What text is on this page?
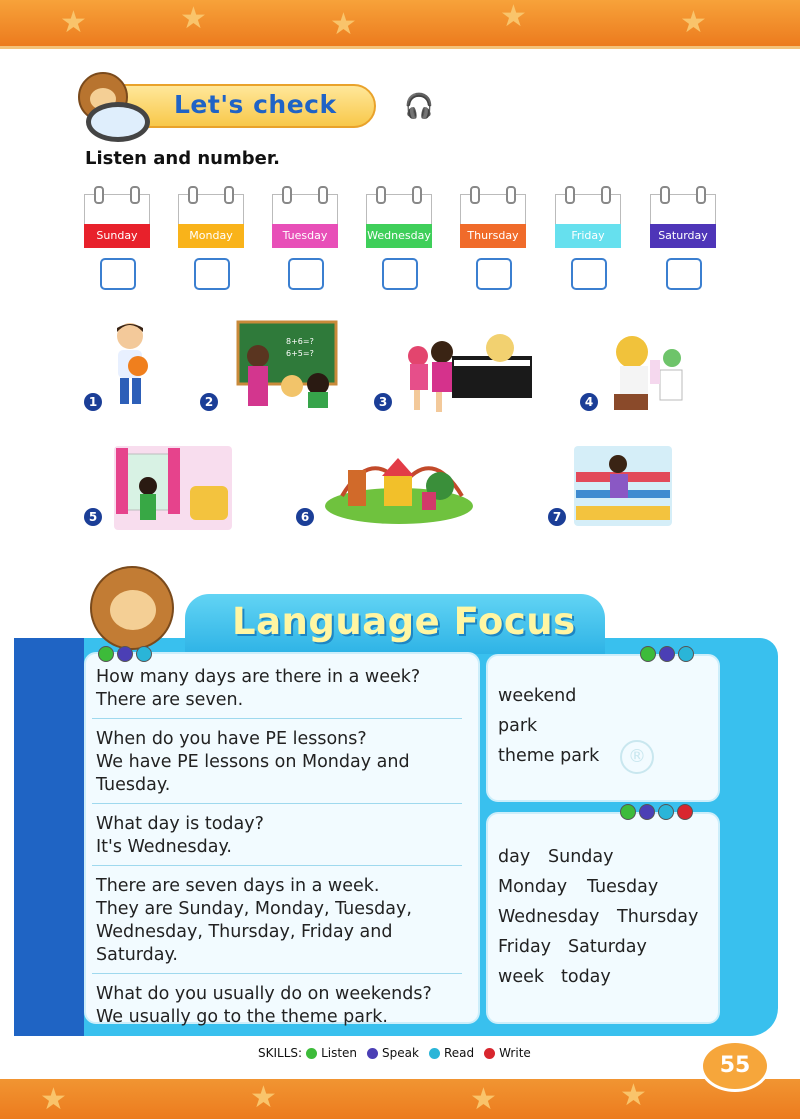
★	★	★	★	★
★	★	★	★
Let's check	🎧
Listen and number.
Sunday	Monday	Tuesday	Wednesday	Thursday	Friday	Saturday
1	2
8+6=?
6+5=?
3	4
5	6	7
Language Focus
How many days are there in a week?
There are seven.
When do you have PE lessons?
We have PE lessons on Monday and
Tuesday.
What day is today?
It's Wednesday.
There are seven days in a week.
They are Sunday, Monday, Tuesday,
Wednesday, Thursday, Friday and
Saturday.
What do you usually do on weekends?
We usually go to the theme park.
weekend
park
theme park
day Sunday
Monday Tuesday
Wednesday Thursday
Friday Saturday
week today
®
SKILLS: Listen Speak Read Write	55
